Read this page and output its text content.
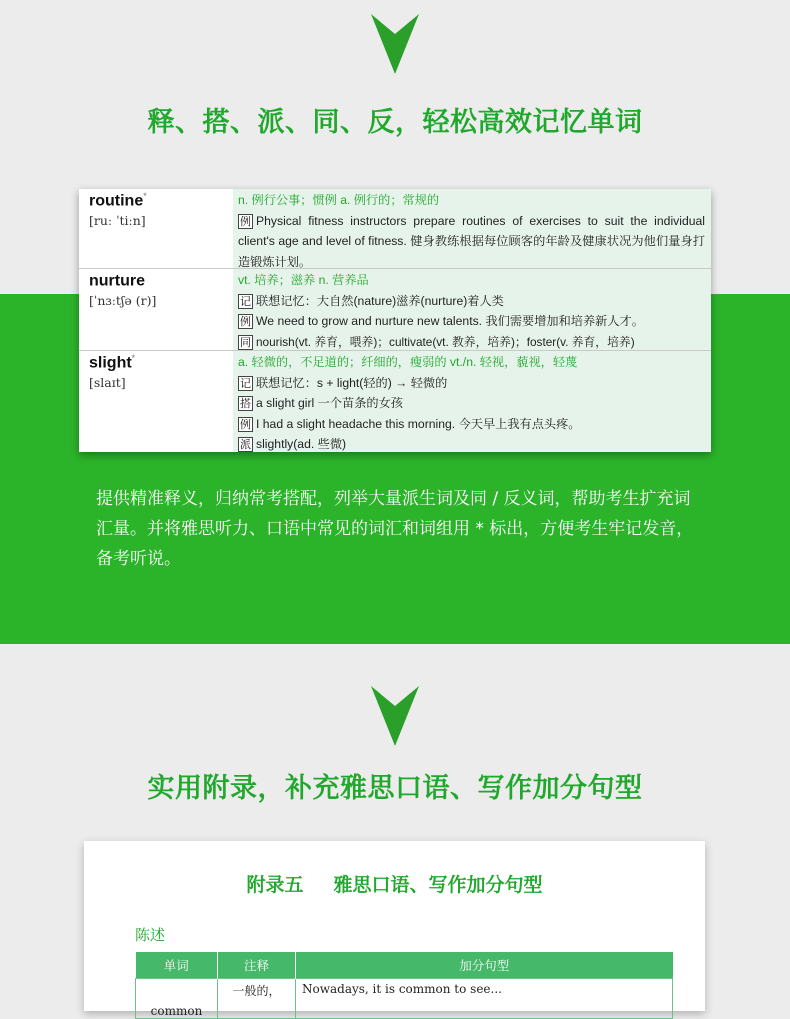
释、搭、派、同、反，轻松高效记忆单词
routine*
[ruː ˈtiːn]
n. 例行公事；惯例 a. 例行的；常规的
例 Physical fitness instructors prepare routines of exercises to suit the individual client's age and level of fitness. 健身教练根据每位顾客的年龄及健康状况为他们量身打造锻炼计划。
nurture
[ˈnɜːtʃə (r)]
vt. 培养；滋养 n. 营养品
记 联想记忆：大自然(nature)滋养(nurture)着人类
例 We need to grow and nurture new talents. 我们需要增加和培养新人才。
同 nourish(vt. 养育，喂养)；cultivate(vt. 教养，培养)；foster(v. 养育，培养)
slight*
[slaɪt]
a. 轻微的，不足道的；纤细的，瘦弱的 vt./n. 轻视，藐视，轻蔑
记 联想记忆：s + light(轻的) → 轻微的
搭 a slight girl 一个苗条的女孩
例 I had a slight headache this morning. 今天早上我有点头疼。
派 slightly(ad. 些微)
提供精准释义，归纳常考搭配，列举大量派生词及同 / 反义词，帮助考生扩充词汇量。并将雅思听力、口语中常见的词汇和词组用 * 标出，方便考生牢记发音，备考听说。
实用附录，补充雅思口语、写作加分句型
附录五 雅思口语、写作加分句型
陈述
单词	注释	加分句型
common	一般的，	Nowadays, it is common to see...
